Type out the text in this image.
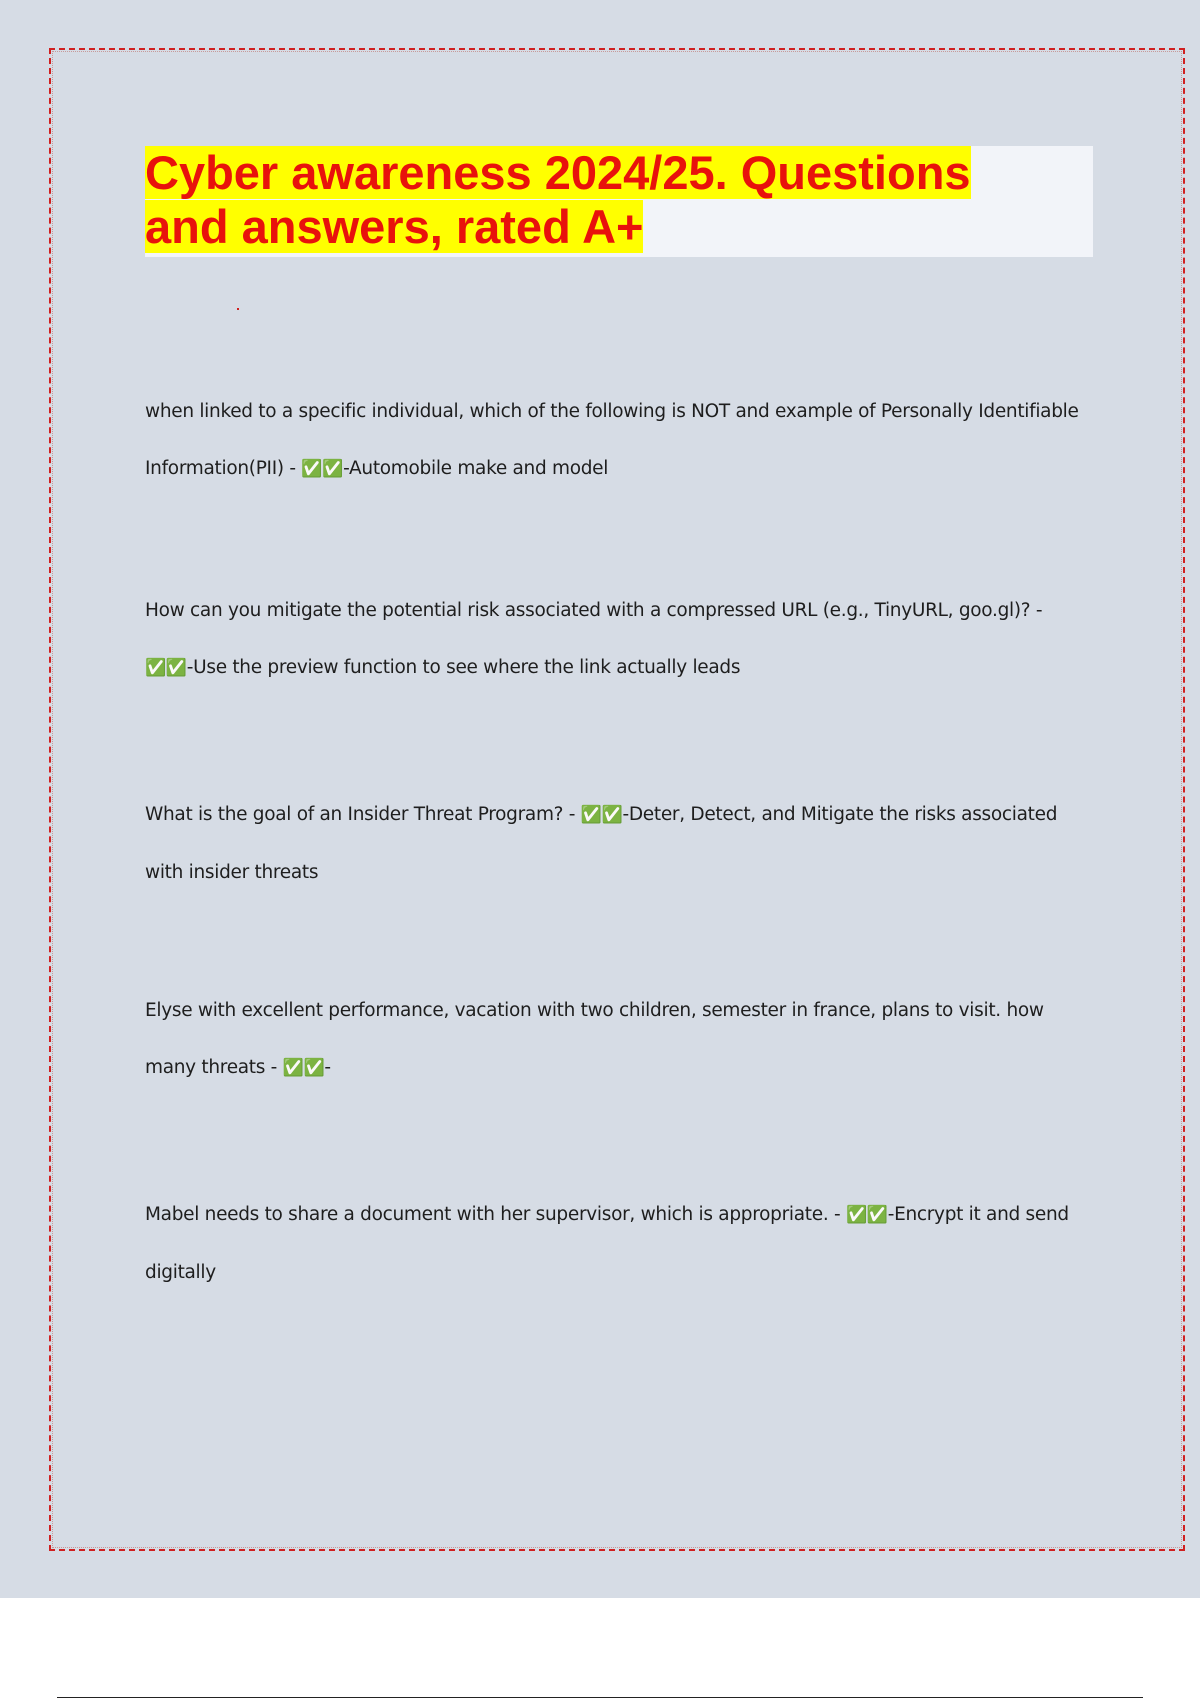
Cyber awareness 2024/25. Questions and answers, rated A+

when linked to a specific individual, which of the following is NOT and example of Personally Identifiable Information(PII) - ✅✅-Automobile make and model

How can you mitigate the potential risk associated with a compressed URL (e.g., TinyURL, goo.gl)? - ✅✅-Use the preview function to see where the link actually leads

What is the goal of an Insider Threat Program? - ✅✅-Deter, Detect, and Mitigate the risks associated with insider threats

Elyse with excellent performance, vacation with two children, semester in france, plans to visit. how many threats - ✅✅-

Mabel needs to share a document with her supervisor, which is appropriate. - ✅✅-Encrypt it and send digitally
